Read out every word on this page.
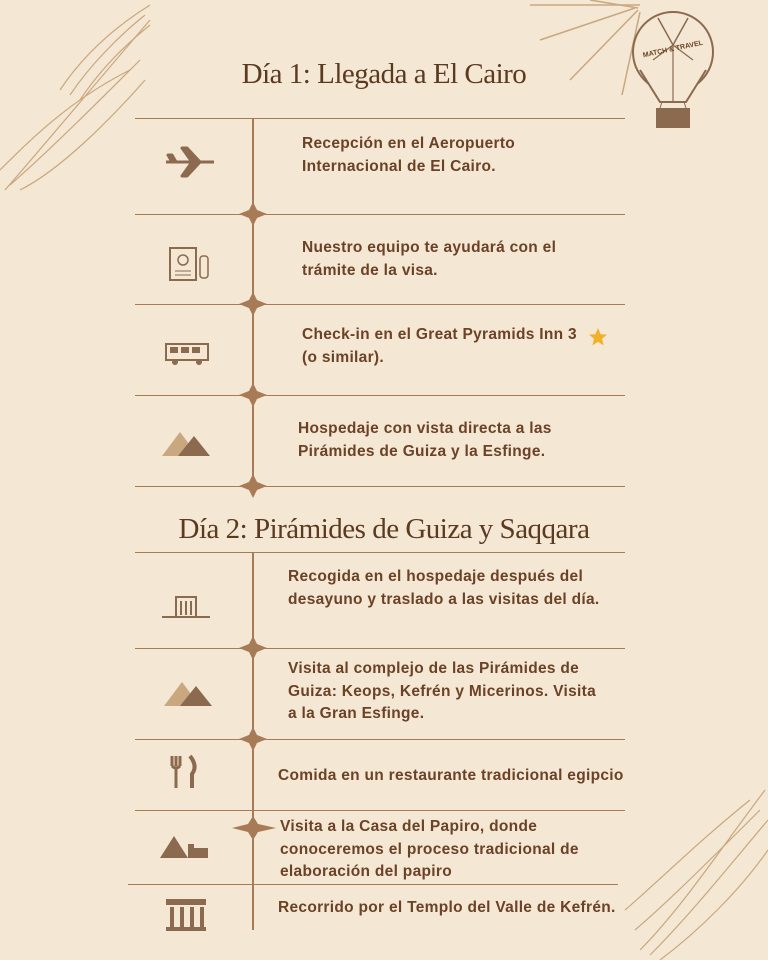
MATCH & TRAVEL
Día 1: Llegada a El Cairo
Recepción en el Aeropuerto Internacional de El Cairo.
Nuestro equipo te ayudará con el trámite de la visa.
Check-in en el Great Pyramids Inn 3 (o similar).
Hospedaje con vista directa a las Pirámides de Guiza y la Esfinge.
Día 2: Pirámides de Guiza y Saqqara
Recogida en el hospedaje después del desayuno y traslado a las visitas del día.
Visita al complejo de las Pirámides de Guiza: Keops, Kefrén y Micerinos. Visita a la Gran Esfinge.
Comida en un restaurante tradicional egipcio
Visita a la Casa del Papiro, donde conoceremos el proceso tradicional de elaboración del papiro
Recorrido por el Templo del Valle de Kefrén.
